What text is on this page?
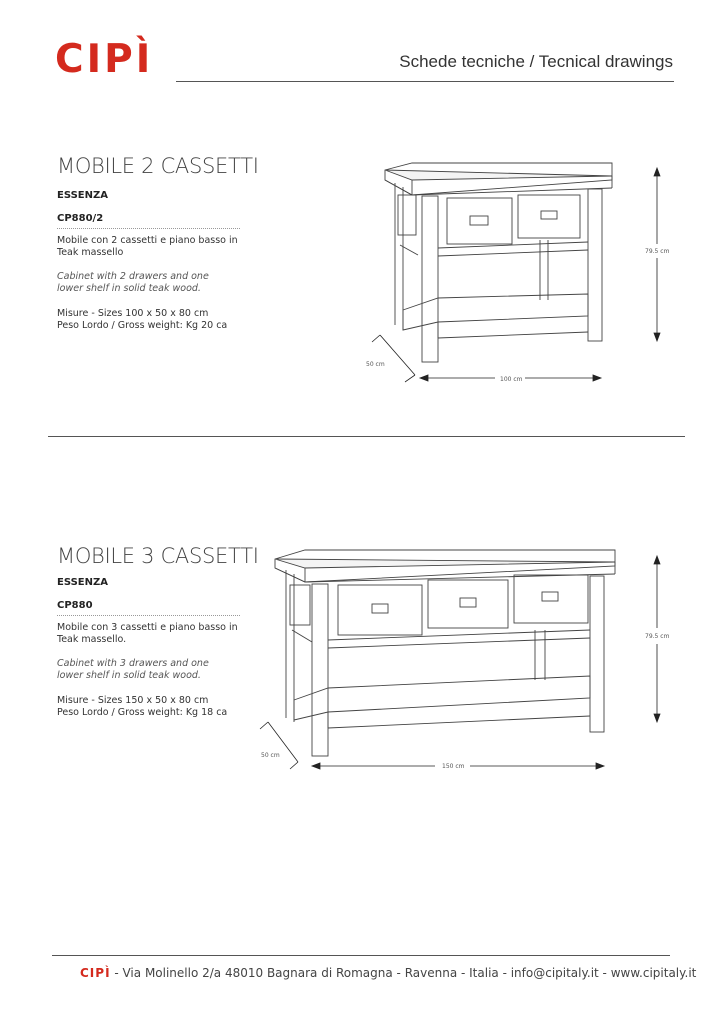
CIPÌ	Schede tecniche / Tecnical drawings
MOBILE 2 CASSETTI
ESSENZA
CP880/2
Mobile con 2 cassetti e piano basso in Teak massello
Cabinet with 2 drawers and one lower shelf in solid teak wood.
Misure - Sizes 100 x 50 x 80 cm
Peso Lordo / Gross weight: Kg 20 ca
79.5 cm
100 cm
50 cm
MOBILE 3 CASSETTI
ESSENZA
CP880
Mobile con 3 cassetti e piano basso in Teak massello.
Cabinet with 3 drawers and one lower shelf in solid teak wood.
Misure - Sizes 150 x 50 x 80 cm
Peso Lordo / Gross weight: Kg 18 ca
79.5 cm
150 cm
50 cm
CIPÌ - Via Molinello 2/a 48010 Bagnara di Romagna - Ravenna - Italia - info@cipitaly.it - www.cipitaly.it
